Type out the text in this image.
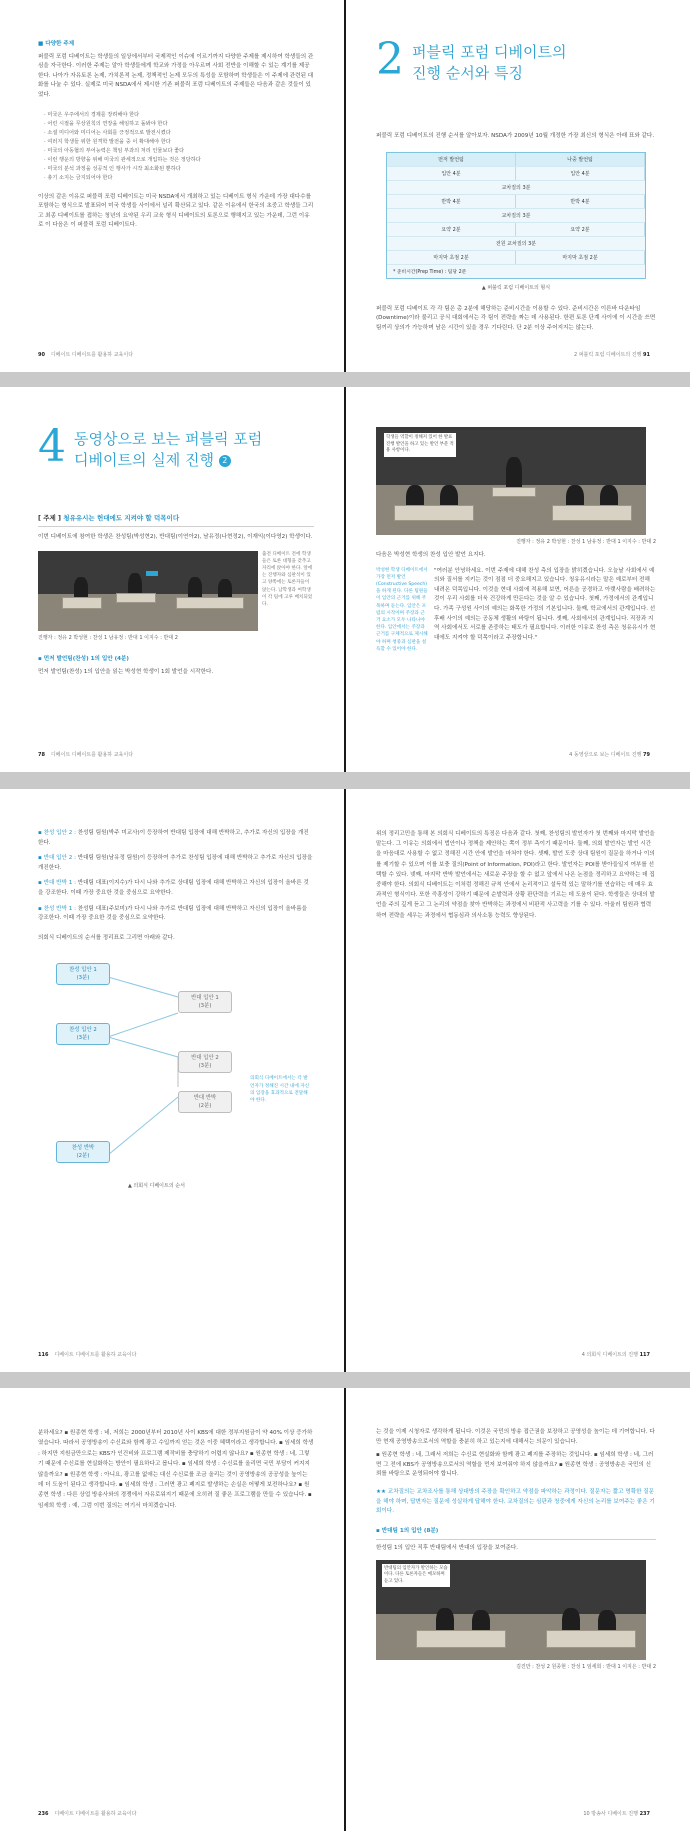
■ 다양한 주제
퍼블릭 포럼 디베이트는 학생들의 일상에서부터 국제적인 이슈에 이르기까지 다양한 주제를 제시하여 학생들의 관심을 자극한다. 이러한 주제는 알아 학생들에게 학교와 가정을 아우르며 사회 전반을 이해할 수 있는 계기를 제공한다. 나아가 자유토론 논제, 가치론적 논제, 정책적인 논제 모두의 특성을 포함하며 학생들은 이 주제에 관련된 대화를 나눌 수 있다. 실제로 미국 NSDA에서 제시한 기존 퍼블릭 포럼 디베이트의 주제들은 다음과 같은 것들이 있었다.
· 미국은 우주에서의 경제를 장려해야 한다
· 어린 시절을 무상원칙의 연장을 해임하고 돌봐야 한다
· 소셜 미디어와 미디어는 사회를 긍정적으로 발전시켰다
· 여러지 학생들 위한 원격학 발전을 중 이 확대해야 한다
· 미국의 아동협의 부어능력은 책임 부과의 처리 인물보다 좋다
· 이런 행운의 방향을 위해 미국의 관세적으로 개입하는 것은 정당하다
· 미국의 분석 과정을 성공적 인 행사가 시작 최소화된 뿐하다
· 총기 소지는 금지되어야 한다
이상의 같은 이유로 퍼블릭 포럼 디베이트는 미국 NSDA에서 개최하고 있는 디베이트 형식 가운데 가장 대다수를 포함하는 형식으로 발표되어 미국 학생들 사이에서 널리 확산되고 있다. 같은 이유에서 한국의 초중고 학생들 그리고 최종 디베이트를 접하는 청년의 요약된 우리 교육 형식 디베이트의 토론으로 행해지고 있는 가운데, 그런 이유로 이 다음은 이 퍼블릭 포럼 디베이트다.
90 디베이트 디베이트를 활용하 교육이다
2 퍼블릭 포럼 디베이트의 진행 순서와 특징
퍼블릭 포럼 디베이트의 진행 순서를 알아보자. NSDA가 2009년 10월 개정한 가장 최신의 형식은 아래 표와 같다.
먼저 발언팀	나중 발언팀
입안 4분	입안 4분
교차질의 3분
반박 4분	반박 4분
교차질의 3분
요약 2분	요약 2분
전원 교차질의 3분
마지막 초점 2분	마지막 초점 2분
* 준비시간(Prep Time) : 팀당 2분
▲ 퍼블릭 포럼 디베이트의 형식
퍼블릭 포럼 디베이트 각 각 팀은 총 2분에 해당하는 준비시간을 이용할 수 있다. 준비시간은 이른바 다운타임(Downtime)이라 불리고 공식 대회에서는 각 팀이 전략을 짜는 데 사용된다. 한편 토론 단계 사이에 이 시간을 쓰면 팀끼리 상의가 가능하며 남은 시간이 있을 경우 기다린다. 단 2분 이상 주어지지는 않는다.
2 퍼블릭 포럼 디베이트의 진행 91
4 동영상으로 보는 퍼블릭 포럼
디베이트의 실제 진행 2
[ 주제 ] 청유유시는 헌대에도 지켜야 할 덕목이다
이번 디베이트에 참여한 학생은 찬성팀(박성현2), 반대팀(이연아2), 남유정(나현정2), 이재익(이다영2) 학생이다.
출전 디베이트 전에 학생들은 토론 대형을 갖추고 자리에 앉아야 한다. 앞에는 진행자와 심판석이 있고 양쪽에는 토론자들이 앉는다. 남학생과 여학생이 각 팀에 고루 배치되었다.
진행자 : 정유 2 박성현 : 찬성 1 남유정 : 반대 1 이지수 : 반대 2
▪ 먼저 발언팀(찬성) 1의 입안 (4분)
먼저 발언팀(찬성) 1의 입안을 읽는 박성현 학생이 1회 발언을 시작한다.
78 디베이트 디베이트를 활용하 교육이다
학생들 역할이 정해져 있어 한 발표 진행 발언을 하고 있는 발언 부분 적용 사항이다.
진행자 : 정유 2 박성현 : 찬성 1 남유정 : 반대 1 이지수 : 반대 2
다음은 박성현 학생의 찬성 입안 발언 요지다.
박성현 학생 디베이트에서 가장 먼저 발언(Constructive Speech)을 하게 된다. 다른 팀원들이 입안의 근거를 위해 주목하며 듣는다. 입안은 포럼의 시작이며 주장과 근거 요소가 모두 나타나야 한다. 입안에서는 주장과 근거를 구체적으로 제시해야 하며 청중과 심판을 설득할 수 있어야 한다.
"여러분 안녕하세요. 이번 주제에 대해 찬성 측의 입장을 밝히겠습니다. 오늘날 사회에서 예의와 질서를 지키는 것이 점점 더 중요해지고 있습니다. 청유유시라는 말은 예로부터 전해 내려온 덕목입니다. 이것을 현대 사회에 적용해 보면, 어른을 공경하고 아랫사람을 배려하는 것이 우리 사회를 더욱 건강하게 만든다는 것을 알 수 있습니다. 첫째, 가정에서의 관계입니다. 가족 구성원 사이의 예의는 화목한 가정의 기본입니다. 둘째, 학교에서의 관계입니다. 선후배 사이의 예의는 공동체 생활의 바탕이 됩니다. 셋째, 사회에서의 관계입니다. 직장과 지역 사회에서도 서로를 존중하는 태도가 필요합니다. 이러한 이유로 찬성 측은 청유유시가 현대에도 지켜야 할 덕목이라고 주장합니다."
4 동영상으로 보는 디베이트 진행 79
▪ 찬성 입안 2 : 찬성팀 팀원(박주 미교사)이 등장하여 반대팀 입장에 대해 반박하고, 추가로 자신의 입장을 개진한다.
▪ 반대 입안 2 : 반대팀 팀원(남유정 팀원)이 등장하여 추가로 찬성팀 입장에 대해 반박하고 추가로 자신의 입장을 개진한다.
▪ 반대 반박 1 : 반대팀 대표(이지수)가 다시 나와 추가로 상대팀 입장에 대해 반박하고 자신의 입장이 올바른 것을 강조한다. 이때 가장 중요한 것을 중심으로 요약한다.
▪ 찬성 반박 1 : 찬성팀 대표(주보미)가 다시 나와 추가로 반대팀 입장에 대해 반박하고 자신의 입장이 올바름을 강조한다. 이때 가장 중요한 것을 중심으로 요약한다.
의회식 디베이트의 순서를 정리표로 그리면 아래와 같다.
찬성 입안 1
(3분)
반대 입안 1
(3분)
찬성 입안 2
(3분)
반대 입안 2
(3분)
반대 반박
(2분)
찬성 반박
(2분)
의회식 디베이트에서는 각 발언자가 정해진 시간 내에 자신의 입장을 효과적으로 전달해야 한다.
▲ 의회식 디베이트의 순서
116 디베이트 디베이트를 활용하 교육이다
위의 정리고민을 통해 본 의회식 디베이트의 특징은 다음과 같다. 첫째, 찬성팀의 발언자가 첫 번째와 마지막 발언을 맡는다. 그 이유는 의회에서 법안이나 정책을 제안하는 쪽이 정부 측이기 때문이다. 둘째, 의회 발언자는 발언 시간을 마음대로 사용할 수 없고 정해진 시간 안에 발언을 마쳐야 한다. 셋째, 발언 도중 상대 팀원이 질문을 하거나 이의를 제기할 수 있으며 이를 보충 질의(Point of Information, POI)라고 한다. 발언자는 POI를 받아들일지 여부를 선택할 수 있다. 넷째, 마지막 반박 발언에서는 새로운 주장을 할 수 없고 앞에서 나온 논점을 정리하고 요약하는 데 집중해야 한다. 의회식 디베이트는 이처럼 정해진 규칙 안에서 논리적이고 설득력 있는 말하기를 연습하는 데 매우 효과적인 형식이다. 또한 즉흥성이 강하기 때문에 순발력과 상황 판단력을 기르는 데 도움이 된다. 학생들은 상대의 발언을 주의 깊게 듣고 그 논리의 약점을 찾아 반박하는 과정에서 비판적 사고력을 기를 수 있다. 아울러 팀원과 협력하여 전략을 세우는 과정에서 협동심과 의사소통 능력도 향상된다.
4 의회식 디베이트의 진행 117
분하세요? ▪ 원종현 학생 : 네, 저희는 2000년부터 2010년 사이 KBS에 대한 정부지원금이 약 40% 이상 증가하였습니다. 따라서 공영방송이 수신료와 함께 광고 수입까지 얻는 것은 이중 혜택이라고 생각합니다. ▪ 임세희 학생 : 하지만 지원금만으로는 KBS가 인건비와 프로그램 제작비를 충당하기 어렵지 않나요? ▪ 원종현 학생 : 네, 그렇기 때문에 수신료를 현실화하는 방안이 필요하다고 봅니다. ▪ 임세희 학생 : 수신료를 올리면 국민 부담이 커지지 않을까요? ▪ 원종현 학생 : 아니요, 광고를 없애는 대신 수신료를 조금 올리는 것이 공영방송의 공공성을 높이는 데 더 도움이 된다고 생각합니다. ▪ 임세희 학생 : 그러면 광고 폐지로 발생하는 손실은 어떻게 보전하나요? ▪ 원종현 학생 : 다른 상업 방송사와의 경쟁에서 자유로워지기 때문에 오히려 질 좋은 프로그램을 만들 수 있습니다. ▪ 임세희 학생 : 예, 그럼 이번 질의는 여기서 마치겠습니다.
236 디베이트 디베이트를 활용하 교육이다
는 것을 이제 시청자로 생각하게 됩니다. 이것은 국민의 방송 접근권을 보장하고 공영성을 높이는 데 기여합니다. 다만 현재 공영방송으로서의 역할을 충분히 하고 있는지에 대해서는 의문이 있습니다.
▪ 원종현 학생 : 네, 그래서 저희는 수신료 현실화와 함께 광고 폐지를 주장하는 것입니다. ▪ 임세희 학생 : 네, 그러면 그 전에 KBS가 공영방송으로서의 역할을 먼저 보여줘야 하지 않을까요? ▪ 원종현 학생 : 공영방송은 국민의 신뢰를 바탕으로 운영되어야 합니다.
★★ 교차질의는 교차조사를 통해 상대방의 주장을 확인하고 약점을 파악하는 과정이다. 질문자는 짧고 명확한 질문을 해야 하며, 답변자는 질문에 성실하게 답해야 한다. 교차질의는 심판과 청중에게 자신의 논리를 보여주는 좋은 기회이다.
▪ 반대팀 1의 입안 (8분)
한성팀 1의 입안 직후 반대팀에서 반대의 입장을 보여준다.
반대팀의 입안자가 발언하는 모습이다. 다른 토론자들은 메모하며 듣고 있다.
김진만 : 찬성 2 원종현 : 찬성 1 임세희 : 반대 1 이지은 : 반대 2
10 방송사 디베이트 진행 237
